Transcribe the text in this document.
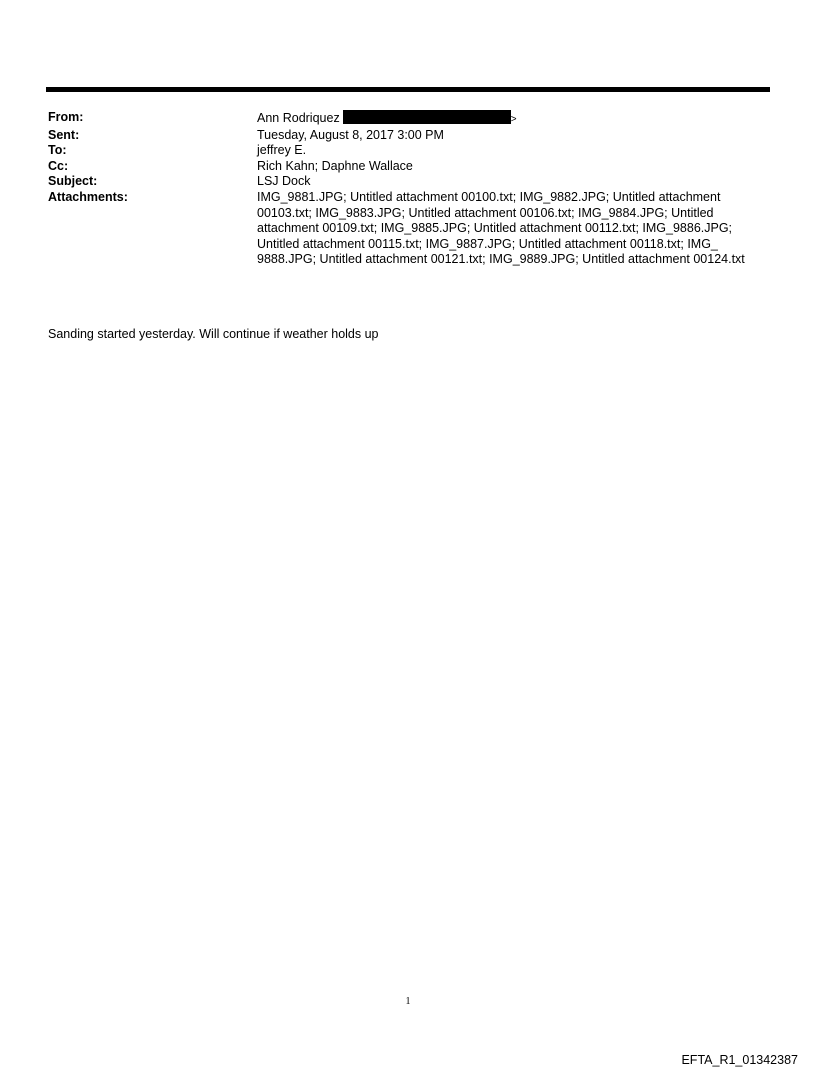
From:	Ann Rodriquez	>
Sent:	Tuesday, August 8, 2017 3:00 PM
To:	jeffrey E.
Cc:	Rich Kahn; Daphne Wallace
Subject:	LSJ Dock
Attachments:	IMG_9881.JPG; Untitled attachment 00100.txt; IMG_9882.JPG; Untitled attachment 00103.txt; IMG_9883.JPG; Untitled attachment 00106.txt; IMG_9884.JPG; Untitled attachment 00109.txt; IMG_9885.JPG; Untitled attachment 00112.txt; IMG_9886.JPG; Untitled attachment 00115.txt; IMG_9887.JPG; Untitled attachment 00118.txt; IMG_ 9888.JPG; Untitled attachment 00121.txt; IMG_9889.JPG; Untitled attachment 00124.txt
Sanding started yesterday. Will continue if weather holds up
1
EFTA_R1_01342387
